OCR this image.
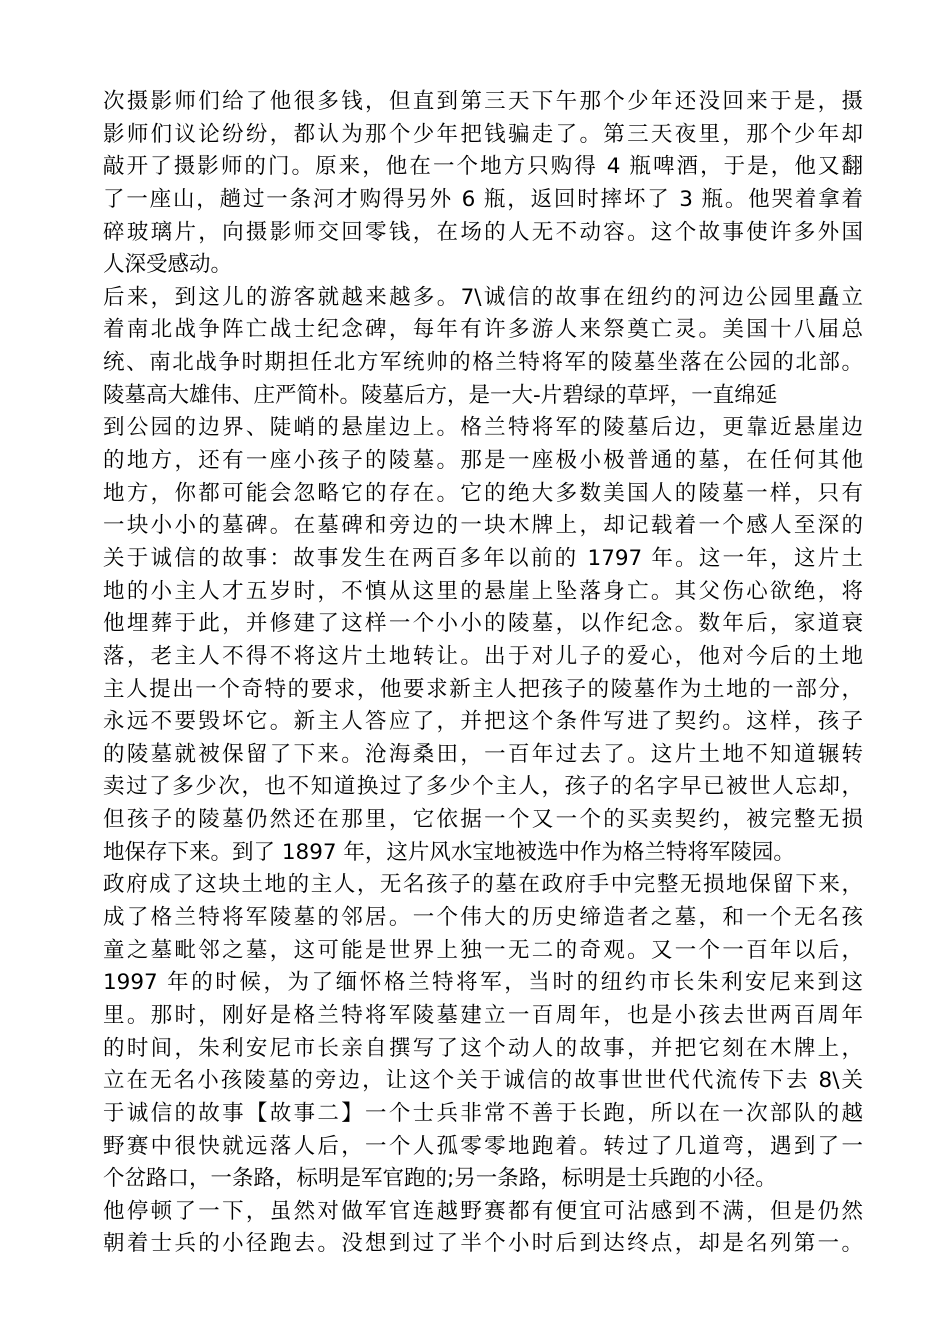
次摄影师们给了他很多钱，但直到第三天下午那个少年还没回来于是，摄
影师们议论纷纷，都认为那个少年把钱骗走了。第三天夜里，那个少年却
敲开了摄影师的门。原来，他在一个地方只购得 4 瓶啤酒，于是，他又翻
了一座山，趟过一条河才购得另外 6 瓶，返回时摔坏了 3 瓶。他哭着拿着
碎玻璃片，向摄影师交回零钱，在场的人无不动容。这个故事使许多外国
人深受感动。
后来，到这儿的游客就越来越多。7\诚信的故事在纽约的河边公园里矗立
着南北战争阵亡战士纪念碑，每年有许多游人来祭奠亡灵。美国十八届总
统、南北战争时期担任北方军统帅的格兰特将军的陵墓坐落在公园的北部。
陵墓高大雄伟、庄严简朴。陵墓后方，是一大-片碧绿的草坪，一直绵延
到公园的边界、陡峭的悬崖边上。格兰特将军的陵墓后边，更靠近悬崖边
的地方，还有一座小孩子的陵墓。那是一座极小极普通的墓，在任何其他
地方，你都可能会忽略它的存在。它的绝大多数美国人的陵墓一样，只有
一块小小的墓碑。在墓碑和旁边的一块木牌上，却记载着一个感人至深的
关于诚信的故事：故事发生在两百多年以前的 1797 年。这一年，这片土
地的小主人才五岁时，不慎从这里的悬崖上坠落身亡。其父伤心欲绝，将
他埋葬于此，并修建了这样一个小小的陵墓，以作纪念。数年后，家道衰
落，老主人不得不将这片土地转让。出于对儿子的爱心，他对今后的土地
主人提出一个奇特的要求，他要求新主人把孩子的陵墓作为土地的一部分，
永远不要毁坏它。新主人答应了，并把这个条件写进了契约。这样，孩子
的陵墓就被保留了下来。沧海桑田，一百年过去了。这片土地不知道辗转
卖过了多少次，也不知道换过了多少个主人，孩子的名字早已被世人忘却，
但孩子的陵墓仍然还在那里，它依据一个又一个的买卖契约，被完整无损
地保存下来。到了 1897 年，这片风水宝地被选中作为格兰特将军陵园。
政府成了这块土地的主人，无名孩子的墓在政府手中完整无损地保留下来，
成了格兰特将军陵墓的邻居。一个伟大的历史缔造者之墓，和一个无名孩
童之墓毗邻之墓，这可能是世界上独一无二的奇观。又一个一百年以后，
1997 年的时候，为了缅怀格兰特将军，当时的纽约市长朱利安尼来到这
里。那时，刚好是格兰特将军陵墓建立一百周年，也是小孩去世两百周年
的时间，朱利安尼市长亲自撰写了这个动人的故事，并把它刻在木牌上，
立在无名小孩陵墓的旁边，让这个关于诚信的故事世世代代流传下去 8\关
于诚信的故事【故事二】一个士兵非常不善于长跑，所以在一次部队的越
野赛中很快就远落人后，一个人孤零零地跑着。转过了几道弯，遇到了一
个岔路口，一条路，标明是军官跑的;另一条路，标明是士兵跑的小径。
他停顿了一下，虽然对做军官连越野赛都有便宜可沾感到不满，但是仍然
朝着士兵的小径跑去。没想到过了半个小时后到达终点，却是名列第一。
